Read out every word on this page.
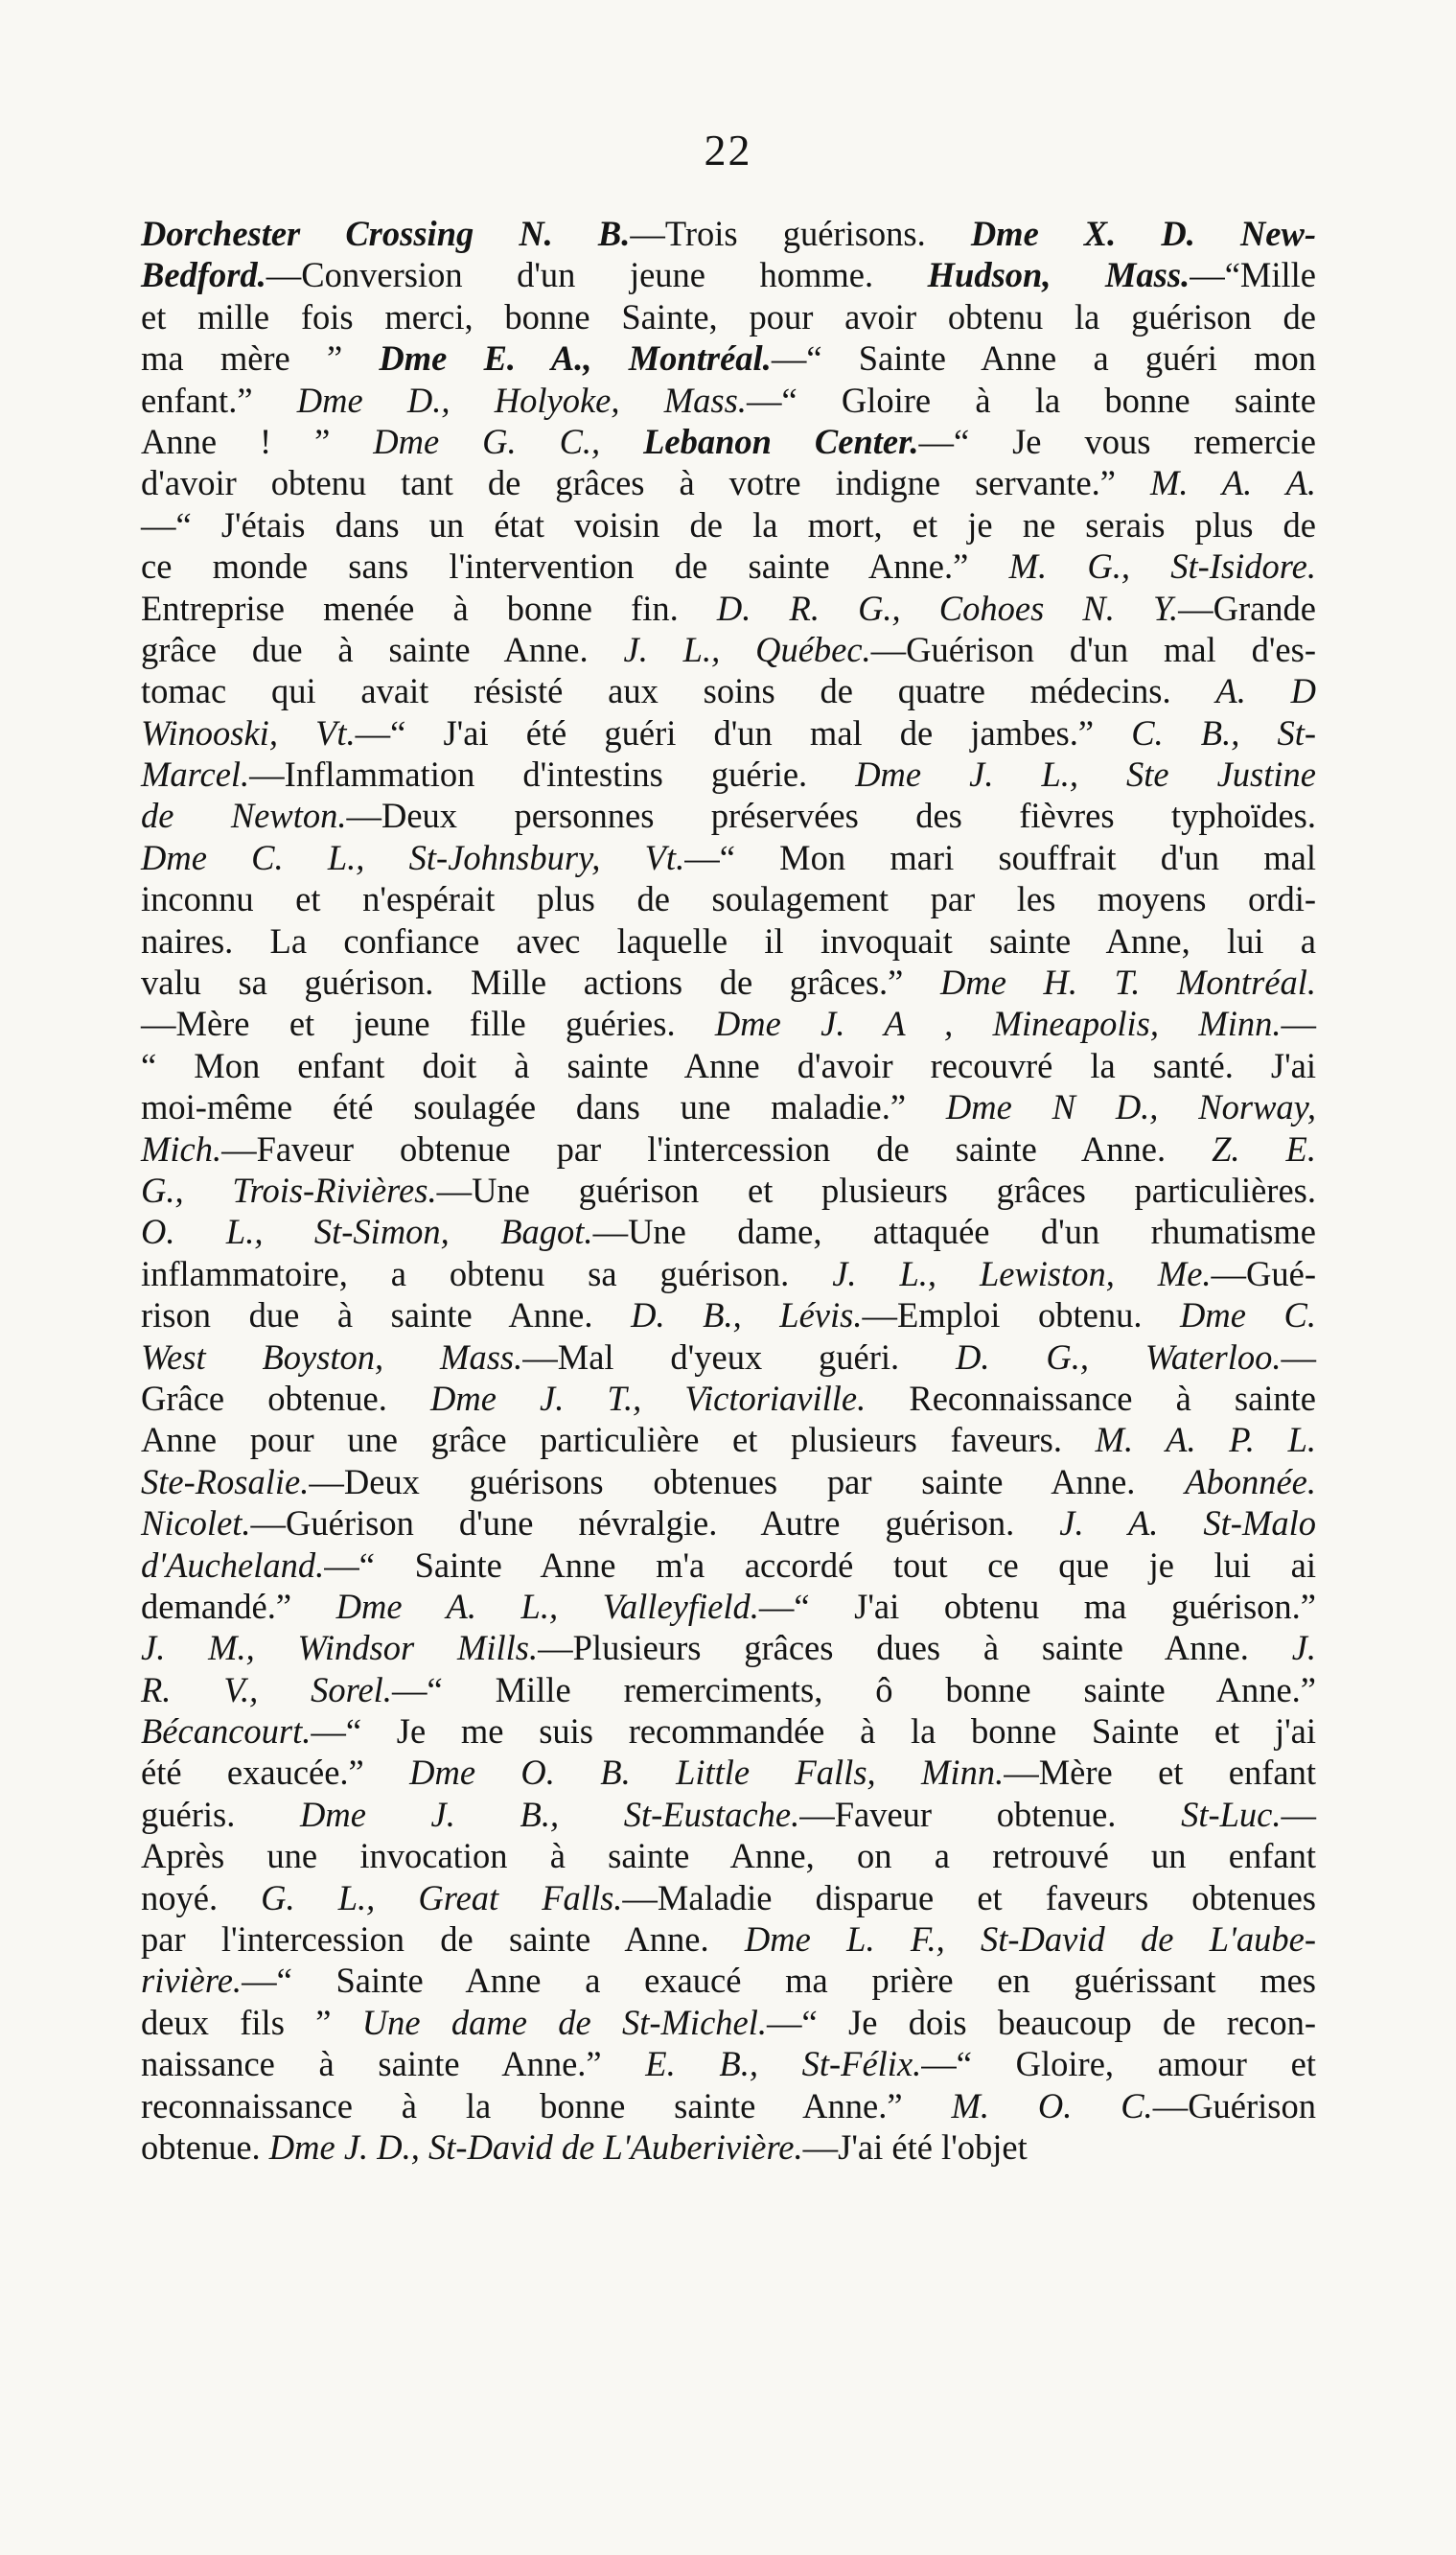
22
Dorchester Crossing N. B.—Trois guérisons. Dme X. D. New-
Bedford.—Conversion d'un jeune homme. Hudson, Mass.—“Mille
et mille fois merci, bonne Sainte, pour avoir obtenu la guérison de
ma mère ” Dme E. A., Montréal.—“ Sainte Anne a guéri mon
enfant.” Dme D., Holyoke, Mass.—“ Gloire à la bonne sainte
Anne ! ” Dme G. C., Lebanon Center.—“ Je vous remercie
d'avoir obtenu tant de grâces à votre indigne servante.” M. A. A.
—“ J'étais dans un état voisin de la mort, et je ne serais plus de
ce monde sans l'intervention de sainte Anne.” M. G., St-Isidore.
Entreprise menée à bonne fin. D. R. G., Cohoes N. Y.—Grande
grâce due à sainte Anne. J. L., Québec.—Guérison d'un mal d'es-
tomac qui avait résisté aux soins de quatre médecins. A. D
Winooski, Vt.—“ J'ai été guéri d'un mal de jambes.” C. B., St-
Marcel.—Inflammation d'intestins guérie. Dme J. L., Ste Justine
de Newton.—Deux personnes préservées des fièvres typhoïdes.
Dme C. L., St-Johnsbury, Vt.—“ Mon mari souffrait d'un mal
inconnu et n'espérait plus de soulagement par les moyens ordi-
naires. La confiance avec laquelle il invoquait sainte Anne, lui a
valu sa guérison. Mille actions de grâces.” Dme H. T. Montréal.
—Mère et jeune fille guéries. Dme J. A , Mineapolis, Minn.—
“ Mon enfant doit à sainte Anne d'avoir recouvré la santé. J'ai
moi-même été soulagée dans une maladie.” Dme N D., Norway,
Mich.—Faveur obtenue par l'intercession de sainte Anne. Z. E.
G., Trois-Rivières.—Une guérison et plusieurs grâces particulières.
O. L., St-Simon, Bagot.—Une dame, attaquée d'un rhumatisme
inflammatoire, a obtenu sa guérison. J. L., Lewiston, Me.—Gué-
rison due à sainte Anne. D. B., Lévis.—Emploi obtenu. Dme C.
West Boyston, Mass.—Mal d'yeux guéri. D. G., Waterloo.—
Grâce obtenue. Dme J. T., Victoriaville. Reconnaissance à sainte
Anne pour une grâce particulière et plusieurs faveurs. M. A. P. L.
Ste-Rosalie.—Deux guérisons obtenues par sainte Anne. Abonnée.
Nicolet.—Guérison d'une névralgie. Autre guérison. J. A. St-Malo
d'Aucheland.—“ Sainte Anne m'a accordé tout ce que je lui ai
demandé.” Dme A. L., Valleyfield.—“ J'ai obtenu ma guérison.”
J. M., Windsor Mills.—Plusieurs grâces dues à sainte Anne. J.
R. V., Sorel.—“ Mille remerciments, ô bonne sainte Anne.”
Bécancourt.—“ Je me suis recommandée à la bonne Sainte et j'ai
été exaucée.” Dme O. B. Little Falls, Minn.—Mère et enfant
guéris. Dme J. B., St-Eustache.—Faveur obtenue. St-Luc.—
Après une invocation à sainte Anne, on a retrouvé un enfant
noyé. G. L., Great Falls.—Maladie disparue et faveurs obtenues
par l'intercession de sainte Anne. Dme L. F., St-David de L'aube-
rivière.—“ Sainte Anne a exaucé ma prière en guérissant mes
deux fils ” Une dame de St-Michel.—“ Je dois beaucoup de recon-
naissance à sainte Anne.” E. B., St-Félix.—“ Gloire, amour et
reconnaissance à la bonne sainte Anne.” M. O. C.—Guérison
obtenue. Dme J. D., St-David de L'Auberivière.—J'ai été l'objet
